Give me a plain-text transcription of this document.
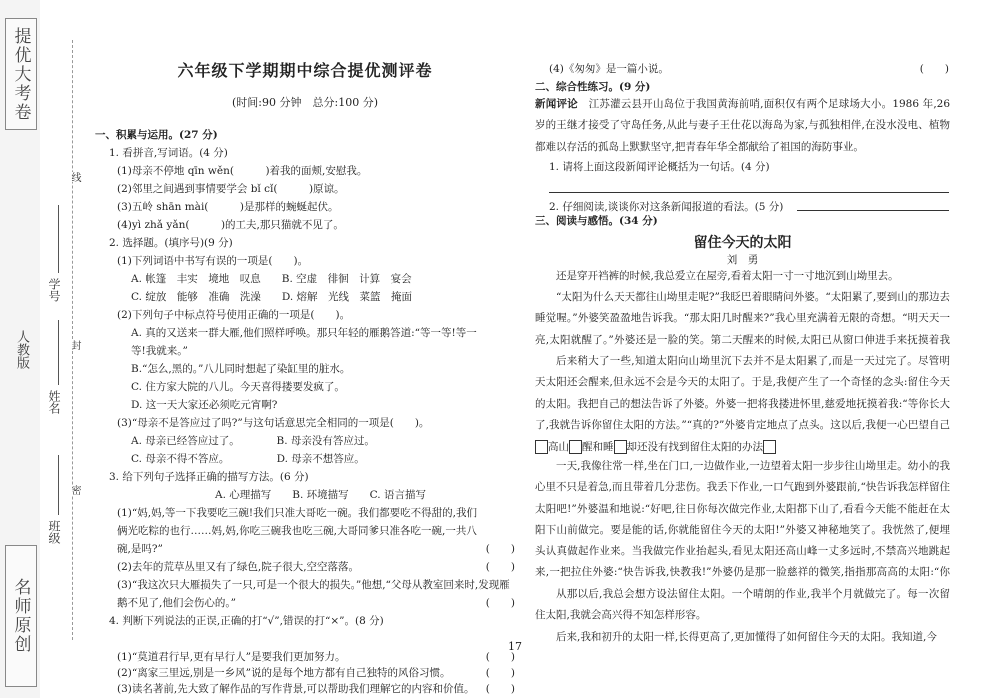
提优大考卷
名师原创
人教版
班级
姓名
学号
密
封
线
六年级下学期期中综合提优测评卷
(时间:90 分钟　总分:100 分)
一、积累与运用。(27 分)
1. 看拼音,写词语。(4 分)
(1)母亲不停地 qīn wěn(　　　)着我的面颊,安慰我。
(2)邻里之间遇到事情要学会 bǐ cǐ(　　　)原谅。
(3)五岭 shān mài(　　　)是那样的蜿蜒起伏。
(4)yì zhǎ yǎn(　　　)的工夫,那只猫就不见了。
2. 选择题。(填序号)(9 分)
(1)下列词语中书写有误的一项是(　　)。
A. 帐篷　丰实　境地　叹息　　B. 空虚　徘徊　计算　宴会
C. 绽放　能够　准确　洗澡　　D. 熔解　光线　菜篮　掩面
(2)下列句子中标点符号使用正确的一项是(　　)。
A. 真的又送来一群大雁,他们照样呼唤。那只年轻的雁鹅答道:“等一等!等一
等!我就来。”
B.“怎么,黑的。”八儿同时想起了染缸里的脏水。
C. 住方家大院的八儿。今天喜得搂要发疯了。
D. 这一天大家还必须吃元宵啊?
(3)“母亲不是答应过了吗?”与这句话意思完全相同的一项是(　　)。
A. 母亲已经答应过了。　　　　B. 母亲没有答应过。
C. 母亲不得不答应。　　　　　D. 母亲不想答应。
3. 给下列句子选择正确的描写方法。(6 分)
A. 心理描写　　B. 环境描写　　C. 语言描写
(1)“妈,妈,等一下我要吃三碗!我们只准大哥吃一碗。我们都要吃不得甜的,我们
俩光吃粽的也行……妈,妈,你吃三碗我也吃三碗,大哥同爹只准各吃一碗,一共八
碗,是吗?”	(　　)
(2)去年的荒草丛里又有了绿色,院子很大,空空落落。	(　　)
(3)“我这次只大雁损失了一只,可是一个很大的损失。”他想,“父母从教室回来时,发现雁
鹅不见了,他们会伤心的。”	(　　)
4. 判断下列说法的正误,正确的打“√”,错误的打“×”。(8 分)
(1)“莫道君行早,更有早行人”是要我们更加努力。	(　　)
(2)“离家三里远,别是一乡风”说的是每个地方都有自己独特的风俗习惯。	(　　)
(3)读名著前,先大致了解作品的写作背景,可以帮助我们理解它的内容和价值。 (　　)
(4)《匆匆》是一篇小说。	(　　)
二、综合性练习。(9 分)
新闻评论　 江苏灌云县开山岛位于我国黄海前哨,面积仅有两个足球场大小。1986 年,26 岁的王继才接受了守岛任务,从此与妻子王仕花以海岛为家,与孤独相伴,在没水没电、植物都难以存活的孤岛上默默坚守,把青春年华全都献给了祖国的海防事业。
1. 请将上面这段新闻评论概括为一句话。(4 分)
2. 仔细阅读,谈谈你对这条新闻报道的看法。(5 分)
三、阅读与感悟。(34 分)
留住今天的太阳
刘　勇
还是穿开裆裤的时候,我总爱立在屋旁,看着太阳一寸一寸地沉到山坳里去。
“太阳为什么天天都往山坳里走呢?”我眨巴着眼睛问外婆。“太阳累了,要到山的那边去睡觉喔。”外婆笑盈盈地告诉我。“那太阳几时醒来?”我心里充满着无限的奇想。“明天天一亮,太阳就醒了。”外婆还是一脸的笑。第二天醒来的时候,太阳已从窗口伸进手来抚摸着我
后来稍大了一些,知道太阳向山坳里沉下去并不是太阳累了,而是一天过完了。尽管明天太阳还会醒来,但永远不会是今天的太阳了。于是,我便产生了一个奇怪的念头:留住今天的太阳。我把自己的想法告诉了外婆。外婆一把将我搂进怀里,慈爱地抚摸着我:“等你长大了,我就告诉你留住太阳的方法。”“真的?”外婆肯定地点了点头。这以后,我便一心巴望自己
高山 醒和睡 却还没有找到留住太阳的办法
一天,我像往常一样,坐在门口,一边做作业,一边望着太阳一步步往山坳里走。幼小的我心里不只是着急,而且带着几分悲伤。我丢下作业,一口气跑到外婆跟前,“快告诉我怎样留住太阳吧!”外婆温和地说:“好吧,往日你每次做完作业,太阳都下山了,看看今天能不能赶在太阳下山前做完。要是能的话,你就能留住今天的太阳!”外婆又神秘地笑了。我恍然了,便埋头认真做起作业来。当我做完作业抬起头,看见太阳还高山峰一丈多远时,不禁高兴地跳起来,一把拉住外婆:“快告诉我,快教我!”外婆仍是那一脸慈祥的微笑,指指那高高的太阳:“你
从那以后,我总会想方设法留住太阳。一个晴朗的作业,我半个月就做完了。每一次留住太阳,我就会高兴得不知怎样形容。
后来,我和初升的太阳一样,长得更高了,更加懂得了如何留住今天的太阳。我知道,今
17
